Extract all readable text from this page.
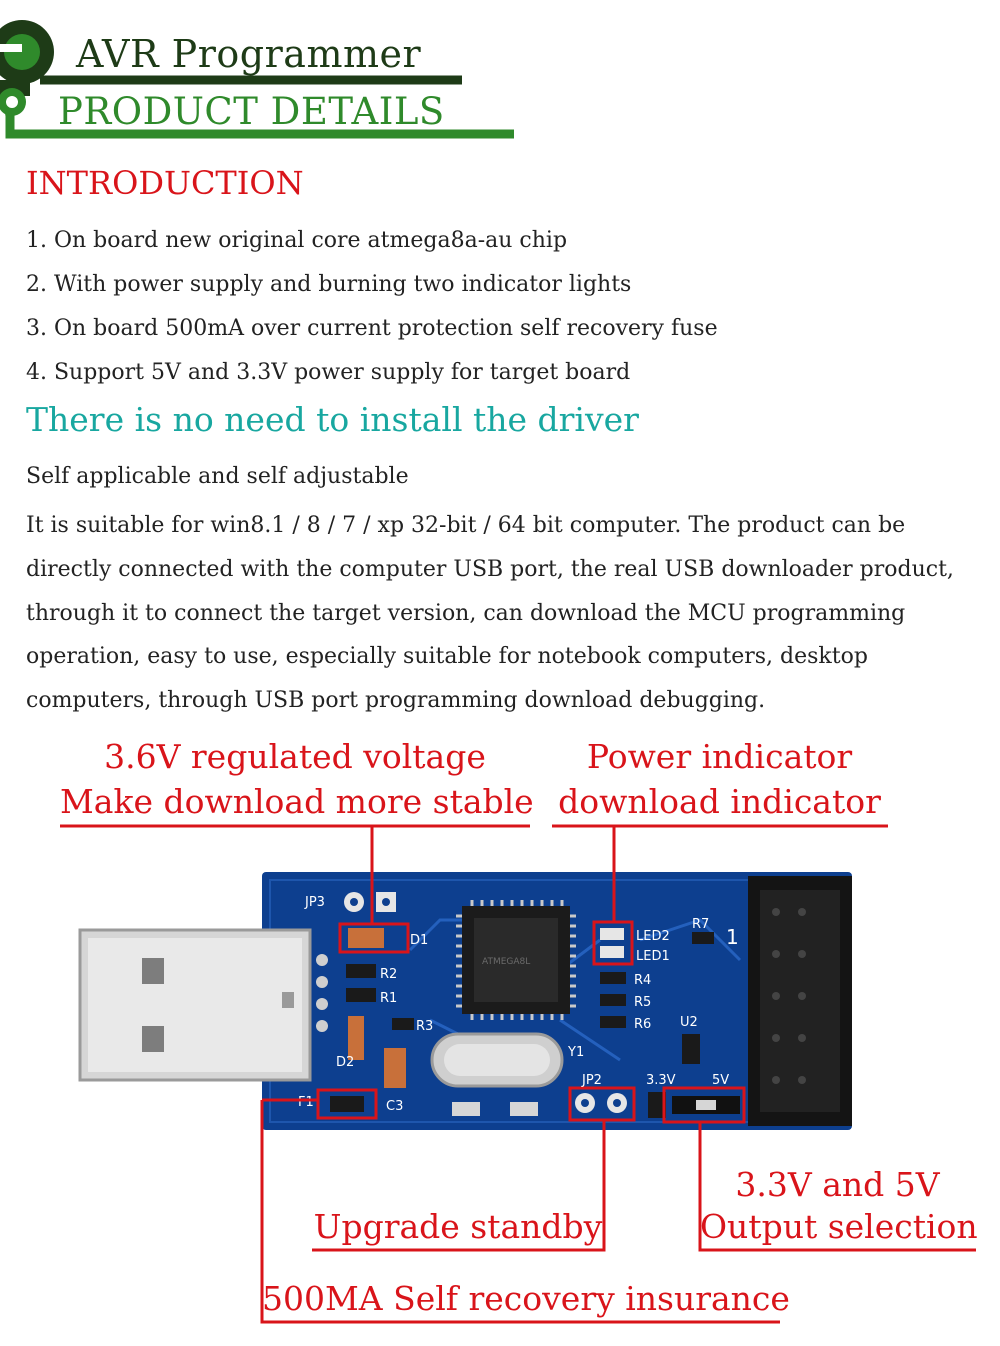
AVR Programmer
PRODUCT DETAILS
INTRODUCTION
1. On board new original core atmega8a-au chip
2. With power supply and burning two indicator lights
3. On board 500mA over current protection self recovery fuse
4. Support 5V and 3.3V power supply for target board
There is no need to install the driver
Self applicable and self adjustable
It is suitable for win8.1 / 8 / 7 / xp 32-bit / 64 bit computer. The product can be directly connected with the computer USB port, the real USB downloader product, through it to connect the target version, can download the MCU programming operation, easy to use, especially suitable for notebook computers, desktop computers, through USB port programming download debugging.
3.6V regulated voltage
Make download more stable
Power indicator
download indicator
3.3V and 5V
Output selection
Upgrade standby
500MA Self recovery insurance
JP3
D1
R2
R1
R3
D2
C3
F1
ATMEGA8L
Y1
JP2
LED2
LED1
R4
R5
R6
R7
1
U2
3.3V	5V
